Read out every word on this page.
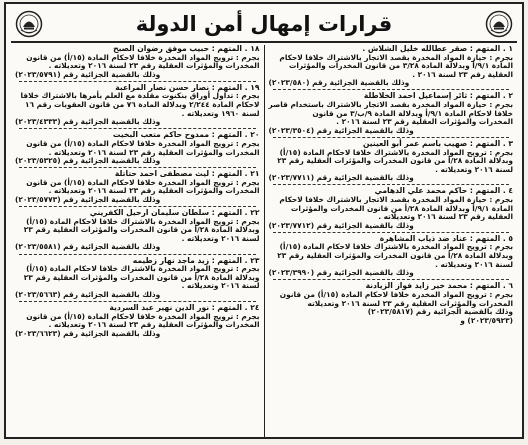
قرارات إمهال أمن الدولة

١ . المتهم : صقر عطالله خليل الشلاش .

بجرم : حيازة المواد المخدرة بقصد الاتجار بالاشتراك خلافا لاحكام

المادة ٩/١/أ وبدلالة المادة ٣/٢٨ من قانون المخدرات والمؤثرات

العقلية رقم ٢٣ لسنة ٢٠١٦ .

وذلك بالقضية الجزائية رقم (٢٠٢٣/٥٨٠)

٢ . المتهم : ثائر إسماعيل احمد الخلاطلة

بجرم : حيازة المواد المخدرة بقصد الاتجار بالاشتراك باستخدام قاصر

خلافا لاحكام المادة ٩/١/أ وبدلالة المادة ٩/ب/٣ من قانون

المخدرات والمؤثرات العقلية رقم ٢٣ لسنة ٢٠١٦ .

وذلك بالقضية الجزائية رقم (٢٠٢٣/٣٥٠٤)

٣ . المتهم : صهيب باسم عمر أبو العينين

بجرم : ترويج المواد المخدرة بالاشتراك خلافا لاحكام المادة (١٥/أ)

وبدلالة المادة ٢٨/أ من قانون المخدرات والمؤثرات العقلية رقم ٢٣

لسنة ٢٠١٦ وتعديلاته .

وذلك بالقضية الجزائية رقم (٢٠٢٣/٧٧١١)

٤ . المتهم : حاكم محمد علي الدهامي

بجرم : حيازة المواد المخدرة بقصد الاتجار بالاشتراك خلافا لاحكام

المادة ٩/١/أ وبدلالة المادة ٢٨/أ من قانون المخدرات والمؤثرات

العقلية رقم ٢٣ لسنة ٢٠١٦ وتعديلاته .

وذلك بالقضية الجزائية رقم (٢٠٢٣/٧٧١٢)

٥ . المتهم : عناد ضد ذياب المشاهرة

بجرم : ترويج المواد المخدرة بالاشتراك خلافا لاحكام المادة (١٥/أ)

وبدلالة المادة ٢٨/أ من قانون المخدرات والمؤثرات العقلية رقم ٢٣

لسنة ٢٠١٦ وتعديلاته .

وذلك بالقضية الجزائية رقم (٢٠٢٣/٣٩٩٠)

٦ . المتهم : محمد خير زايد فواز الزيادنة

بجرم : ترويج المواد المخدرة خلافا لاحكام المادة (١٥/أ) من قانون

المخدرات والمؤثرات العقلية رقم ٢٣ لسنة ٢٠١٦ وتعديلاته

وذلك بالقضية الجزائية رقم (٢٠٢٣/٥٨١٧)

(٢٠٢٣/٥٩٢٣) و

١٨ . المتهم : حبيب موفق رضوان الصبح

بجرم : ترويج المواد المخدرة خلافا لاحكام المادة (١٥/أ) من قانون

المخدرات والمؤثرات العقلية رقم ٢٣ لسنة ٢٠١٦ وتعديلاته .

وذلك بالقضية الجزائية رقم (٢٠٢٣/٥٧٩١)

١٩ . المتهم : نصار حسن نصار المراعبة

بجرم : تداول أوراق بنكنوت مقلدة مع العلم بأمرها بالاشتراك خلافا

لاحكام المادة ٢/٢٤٤ وبدلالة المادة ٧٦ من قانون العقوبات رقم ١٦

لسنة ١٩٦٠ وتعديلاته .

وذلك بالقضية الجزائية رقم (٢٠٢٣/٤٣٣٣)

٢٠ . المتهم : ممدوح حاكم متعب البخيت

بجرم : ترويج المواد المخدرة خلافا لاحكام المادة (١٥/أ) من قانون

المخدرات والمؤثرات العقلية رقم ٢٣ لسنة ٢٠١٦ وتعديلاته .

وذلك بالقضية الجزائية رقم (٢٠٢٣/٥٣٢٥)

٢١ . المتهم : ليث مصطفى احمد حتاتلة

بجرم : ترويج المواد المخدرة خلافا لاحكام المادة (١٥/أ) من قانون

المخدرات والمؤثرات العقلية رقم ٢٣ لسنة ٢٠١٦ وتعديلاته .

وذلك بالقضية الجزائية رقم (٢٠٢٣/٥٧٧٣)

٢٢ . المتهم : سلطان سليمان ارحيل الكفريني

بجرم : ترويج المواد المخدرة بالاشتراك خلافا لاحكام المادة (١٥/أ)

وبدلالة المادة ٢٨/أ من قانون المخدرات والمؤثرات العقلية رقم ٢٣

لسنة ٢٠١٦ وتعديلاته .

وذلك بالقضية الجزائية رقم (٢٠٢٣/٥٥٨١)

٢٣ . المتهم : زيد ماجد نهار زطيمه

بجرم : ترويج المواد المخدرة بالاشتراك خلافا لاحكام المادة (١٥/أ)

وبدلالة المادة ٢٨/أ من قانون المخدرات والمؤثرات العقلية رقم ٢٣

لسنة ٢٠١٦ وتعديلاته .

وذلك بالقضية الجزائية رقم (٢٠٢٣/٥٦٦٣)

٢٤ . المتهم : نور الدين نهير عبد السردية

بجرم : ترويج المواد المخدرة خلافا لاحكام المادة (١٥/أ) من قانون

المخدرات والمؤثرات العقلية رقم ٢٣ لسنة ٢٠١٦ وتعديلاته .

وذلك بالقضية الجزائية رقم (٢٠٢٣/٦٦٢٣)
